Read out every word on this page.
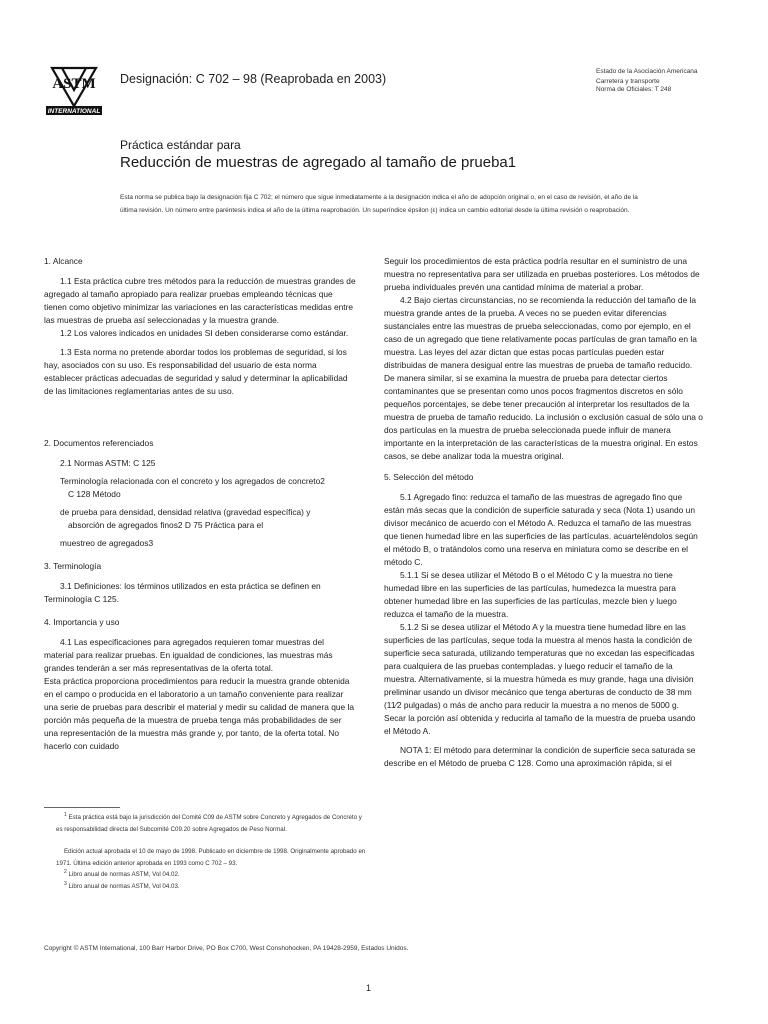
ASTM
INTERNATIONAL
Designación: C 702 – 98 (Reaprobada en 2003)
Estado de la Asociación Americana
Carretera y transporte
Norma de Oficiales: T 248
Práctica estándar para
Reducción de muestras de agregado al tamaño de prueba1
Esta norma se publica bajo la designación fija C 702; el número que sigue inmediatamente a la designación indica el año de adopción original o, en el caso de revisión, el año de la última revisión. Un número entre paréntesis indica el año de la última reaprobación. Un superíndice épsilon (ε) indica un cambio editorial desde la última revisión o reaprobación.

1. Alcance

1.1 Esta práctica cubre tres métodos para la reducción de muestras grandes de agregado al tamaño apropiado para realizar pruebas empleando técnicas que tienen como objetivo minimizar las variaciones en las características medidas entre las muestras de prueba así seleccionadas y la muestra grande.

1.2 Los valores indicados en unidades SI deben considerarse como estándar.

1.3 Esta norma no pretende abordar todos los problemas de seguridad, si los hay, asociados con su uso. Es responsabilidad del usuario de esta norma establecer prácticas adecuadas de seguridad y salud y determinar la aplicabilidad de las limitaciones reglamentarias antes de su uso.

2. Documentos referenciados

2.1 Normas ASTM: C 125

Terminología relacionada con el concreto y los agregados de concreto2

C 128 Método

de prueba para densidad, densidad relativa (gravedad específica) y

absorción de agregados finos2 D 75 Práctica para el

muestreo de agregados3

3. Terminología

3.1 Definiciones: los términos utilizados en esta práctica se definen en Terminología C 125.

4. Importancia y uso

4.1 Las especificaciones para agregados requieren tomar muestras del material para realizar pruebas. En igualdad de condiciones, las muestras más grandes tenderán a ser más representativas de la oferta total.

Esta práctica proporciona procedimientos para reducir la muestra grande obtenida en el campo o producida en el laboratorio a un tamaño conveniente para realizar una serie de pruebas para describir el material y medir su calidad de manera que la porción más pequeña de la muestra de prueba tenga más probabilidades de ser una representación de la muestra más grande y, por tanto, de la oferta total. No hacerlo con cuidado

Seguir los procedimientos de esta práctica podría resultar en el suministro de una muestra no representativa para ser utilizada en pruebas posteriores. Los métodos de prueba individuales prevén una cantidad mínima de material a probar.

4.2 Bajo ciertas circunstancias, no se recomienda la reducción del tamaño de la muestra grande antes de la prueba. A veces no se pueden evitar diferencias sustanciales entre las muestras de prueba seleccionadas, como por ejemplo, en el caso de un agregado que tiene relativamente pocas partículas de gran tamaño en la muestra. Las leyes del azar dictan que estas pocas partículas pueden estar distribuidas de manera desigual entre las muestras de prueba de tamaño reducido.

De manera similar, si se examina la muestra de prueba para detectar ciertos contaminantes que se presentan como unos pocos fragmentos discretos en sólo pequeños porcentajes, se debe tener precaución al interpretar los resultados de la muestra de prueba de tamaño reducido. La inclusión o exclusión casual de sólo una o dos partículas en la muestra de prueba seleccionada puede influir de manera importante en la interpretación de las características de la muestra original. En estos casos, se debe analizar toda la muestra original.

5. Selección del método

5.1 Agregado fino: reduzca el tamaño de las muestras de agregado fino que están más secas que la condición de superficie saturada y seca (Nota 1) usando un divisor mecánico de acuerdo con el Método A. Reduzca el tamaño de las muestras que tienen humedad libre en las superficies de las partículas. acuarteléndolos según el método B, o tratándolos como una reserva en miniatura como se describe en el método C.

5.1.1 Si se desea utilizar el Método B o el Método C y la muestra no tiene humedad libre en las superficies de las partículas, humedezca la muestra para obtener humedad libre en las superficies de las partículas, mezcle bien y luego reduzca el tamaño de la muestra.

5.1.2 Si se desea utilizar el Método A y la muestra tiene humedad libre en las superficies de las partículas, seque toda la muestra al menos hasta la condición de superficie seca saturada, utilizando temperaturas que no excedan las especificadas para cualquiera de las pruebas contempladas. y luego reducir el tamaño de la muestra. Alternativamente, si la muestra húmeda es muy grande, haga una división preliminar usando un divisor mecánico que tenga aberturas de conducto de 38 mm (11⁄2 pulgadas) o más de ancho para reducir la muestra a no menos de 5000 g.

Secar la porción así obtenida y reducirla al tamaño de la muestra de prueba usando el Método A.

NOTA 1: El método para determinar la condición de superficie seca saturada se describe en el Método de prueba C 128. Como una aproximación rápida, si el

$^1$ Esta práctica está bajo la jurisdicción del Comité C09 de ASTM sobre Concreto y Agregados de Concreto y es responsabilidad directa del Subcomité C09.20 sobre Agregados de Peso Normal.

Edición actual aprobada el 10 de mayo de 1998. Publicado en diciembre de 1998. Originalmente aprobado en 1971. Última edición anterior aprobada en 1993 como C 702 – 93.

$^2$ Libro anual de normas ASTM, Vol 04.02.

$^3$ Libro anual de normas ASTM, Vol 04.03.

Copyright © ASTM International, 100 Barr Harbor Drive, PO Box C700, West Conshohocken, PA 19428-2959, Estados Unidos.
1
